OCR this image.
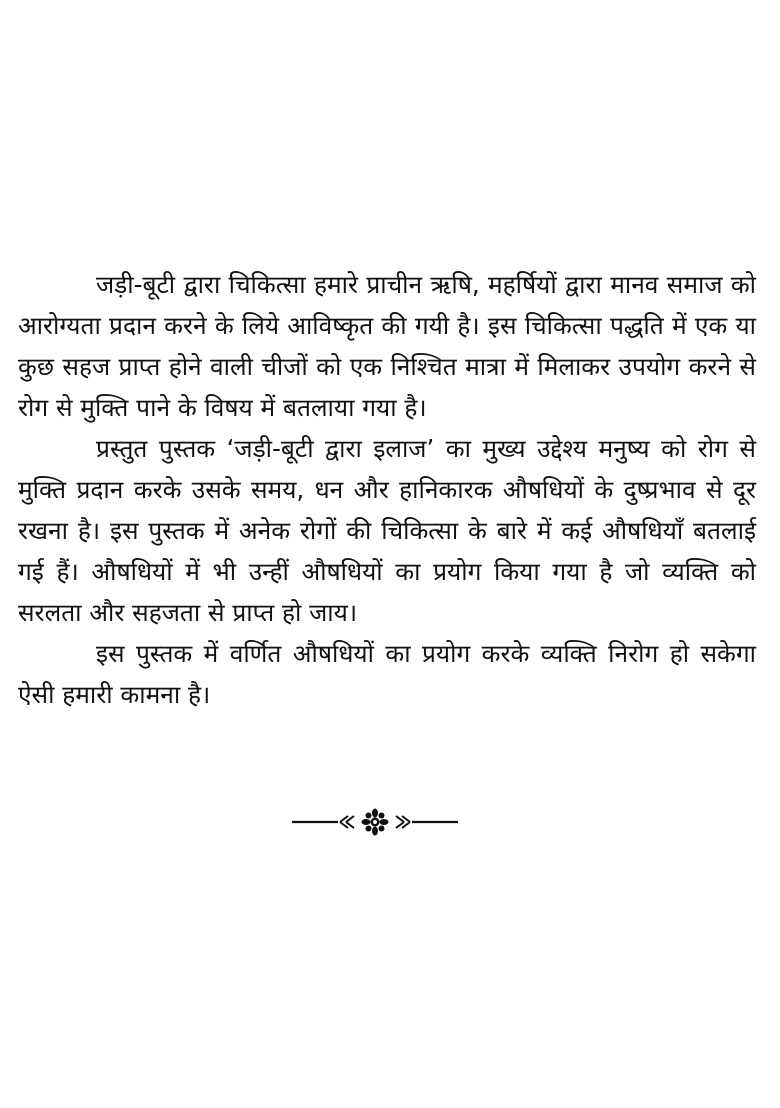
जड़ी-बूटी द्वारा चिकित्सा हमारे प्राचीन ऋषि, महर्षियों द्वारा मानव समाज को आरोग्यता प्रदान करने के लिये आविष्कृत की गयी है। इस चिकित्सा पद्धति में एक या कुछ सहज प्राप्त होने वाली चीजों को एक निश्चित मात्रा में मिलाकर उपयोग करने से रोग से मुक्ति पाने के विषय में बतलाया गया है।

प्रस्तुत पुस्तक ‘जड़ी-बूटी द्वारा इलाज’ का मुख्य उद्देश्य मनुष्य को रोग से मुक्ति प्रदान करके उसके समय, धन और हानिकारक औषधियों के दुष्प्रभाव से दूर रखना है। इस पुस्तक में अनेक रोगों की चिकित्सा के बारे में कई औषधियाँ बतलाई गई हैं। औषधियों में भी उन्हीं औषधियों का प्रयोग किया गया है जो व्यक्ति को सरलता और सहजता से प्राप्त हो जाय।

इस पुस्तक में वर्णित औषधियों का प्रयोग करके व्यक्ति निरोग हो सकेगा ऐसी हमारी कामना है।
